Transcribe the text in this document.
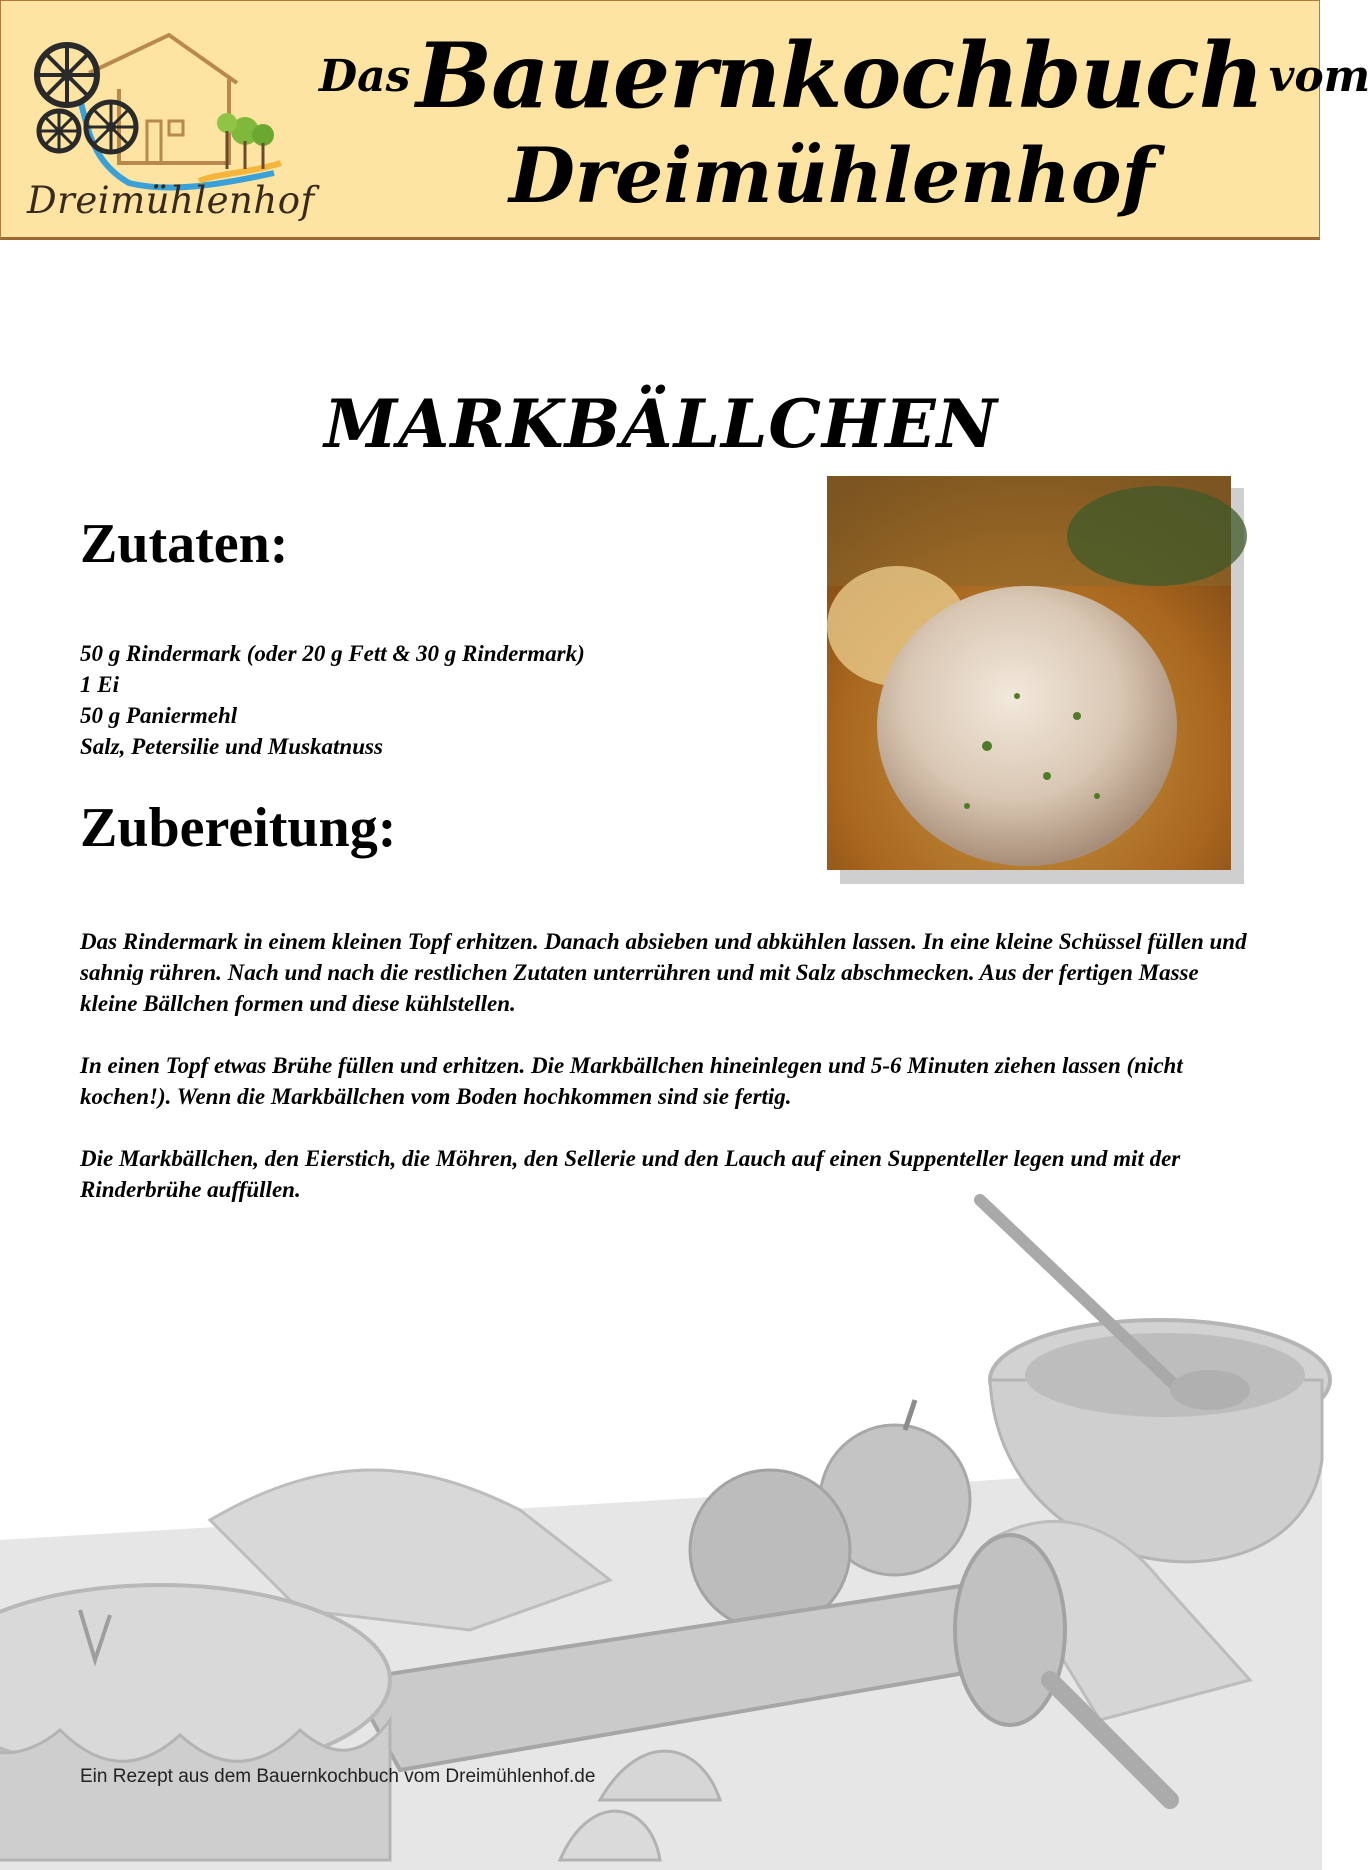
Dreimühlenhof
Das Bauernkochbuch vom
Dreimühlenhof
MARKBÄLLCHEN
Zutaten:
50 g Rindermark (oder 20 g Fett & 30 g Rindermark)
1 Ei
50 g Paniermehl
Salz, Petersilie und Muskatnuss
Zubereitung:

Das Rindermark in einem kleinen Topf erhitzen. Danach absieben und abkühlen lassen. In eine kleine Schüssel füllen und sahnig rühren. Nach und nach die restlichen Zutaten unterrühren und mit Salz abschmecken. Aus der fertigen Masse kleine Bällchen formen und diese kühlstellen.

In einen Topf etwas Brühe füllen und erhitzen. Die Markbällchen hineinlegen und 5-6 Minuten ziehen lassen (nicht kochen!). Wenn die Markbällchen vom Boden hochkommen sind sie fertig.

Die Markbällchen, den Eierstich, die Möhren, den Sellerie und den Lauch auf einen Suppenteller legen und mit der Rinderbrühe auffüllen.

Ein Rezept aus dem Bauernkochbuch vom Dreimühlenhof.de
